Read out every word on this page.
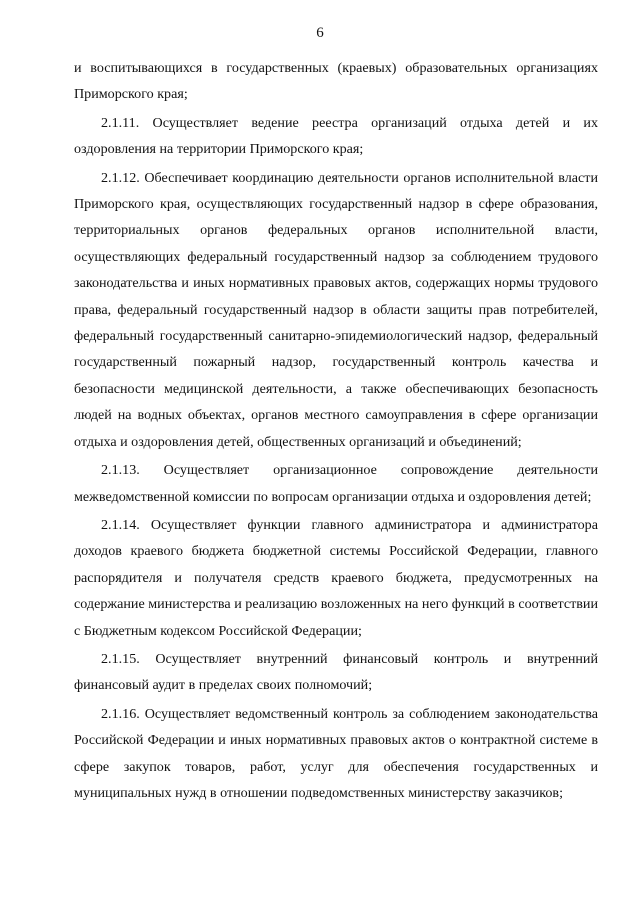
6

и воспитывающихся в государственных (краевых) образовательных организациях Приморского края;

2.1.11. Осуществляет ведение реестра организаций отдыха детей и их оздоровления на территории Приморского края;

2.1.12. Обеспечивает координацию деятельности органов исполнительной власти Приморского края, осуществляющих государственный надзор в сфере образования, территориальных органов федеральных органов исполнительной власти, осуществляющих федеральный государственный надзор за соблюдением трудового законодательства и иных нормативных правовых актов, содержащих нормы трудового права, федеральный государственный надзор в области защиты прав потребителей, федеральный государственный санитарно-эпидемиологический надзор, федеральный государственный пожарный надзор, государственный контроль качества и безопасности медицинской деятельности, а также обеспечивающих безопасность людей на водных объектах, органов местного самоуправления в сфере организации отдыха и оздоровления детей, общественных организаций и объединений;

2.1.13. Осуществляет организационное сопровождение деятельности межведомственной комиссии по вопросам организации отдыха и оздоровления детей;

2.1.14. Осуществляет функции главного администратора и администратора доходов краевого бюджета бюджетной системы Российской Федерации, главного распорядителя и получателя средств краевого бюджета, предусмотренных на содержание министерства и реализацию возложенных на него функций в соответствии с Бюджетным кодексом Российской Федерации;

2.1.15. Осуществляет внутренний финансовый контроль и внутренний финансовый аудит в пределах своих полномочий;

2.1.16. Осуществляет ведомственный контроль за соблюдением законодательства Российской Федерации и иных нормативных правовых актов о контрактной системе в сфере закупок товаров, работ, услуг для обеспечения государственных и муниципальных нужд в отношении подведомственных министерству заказчиков;
